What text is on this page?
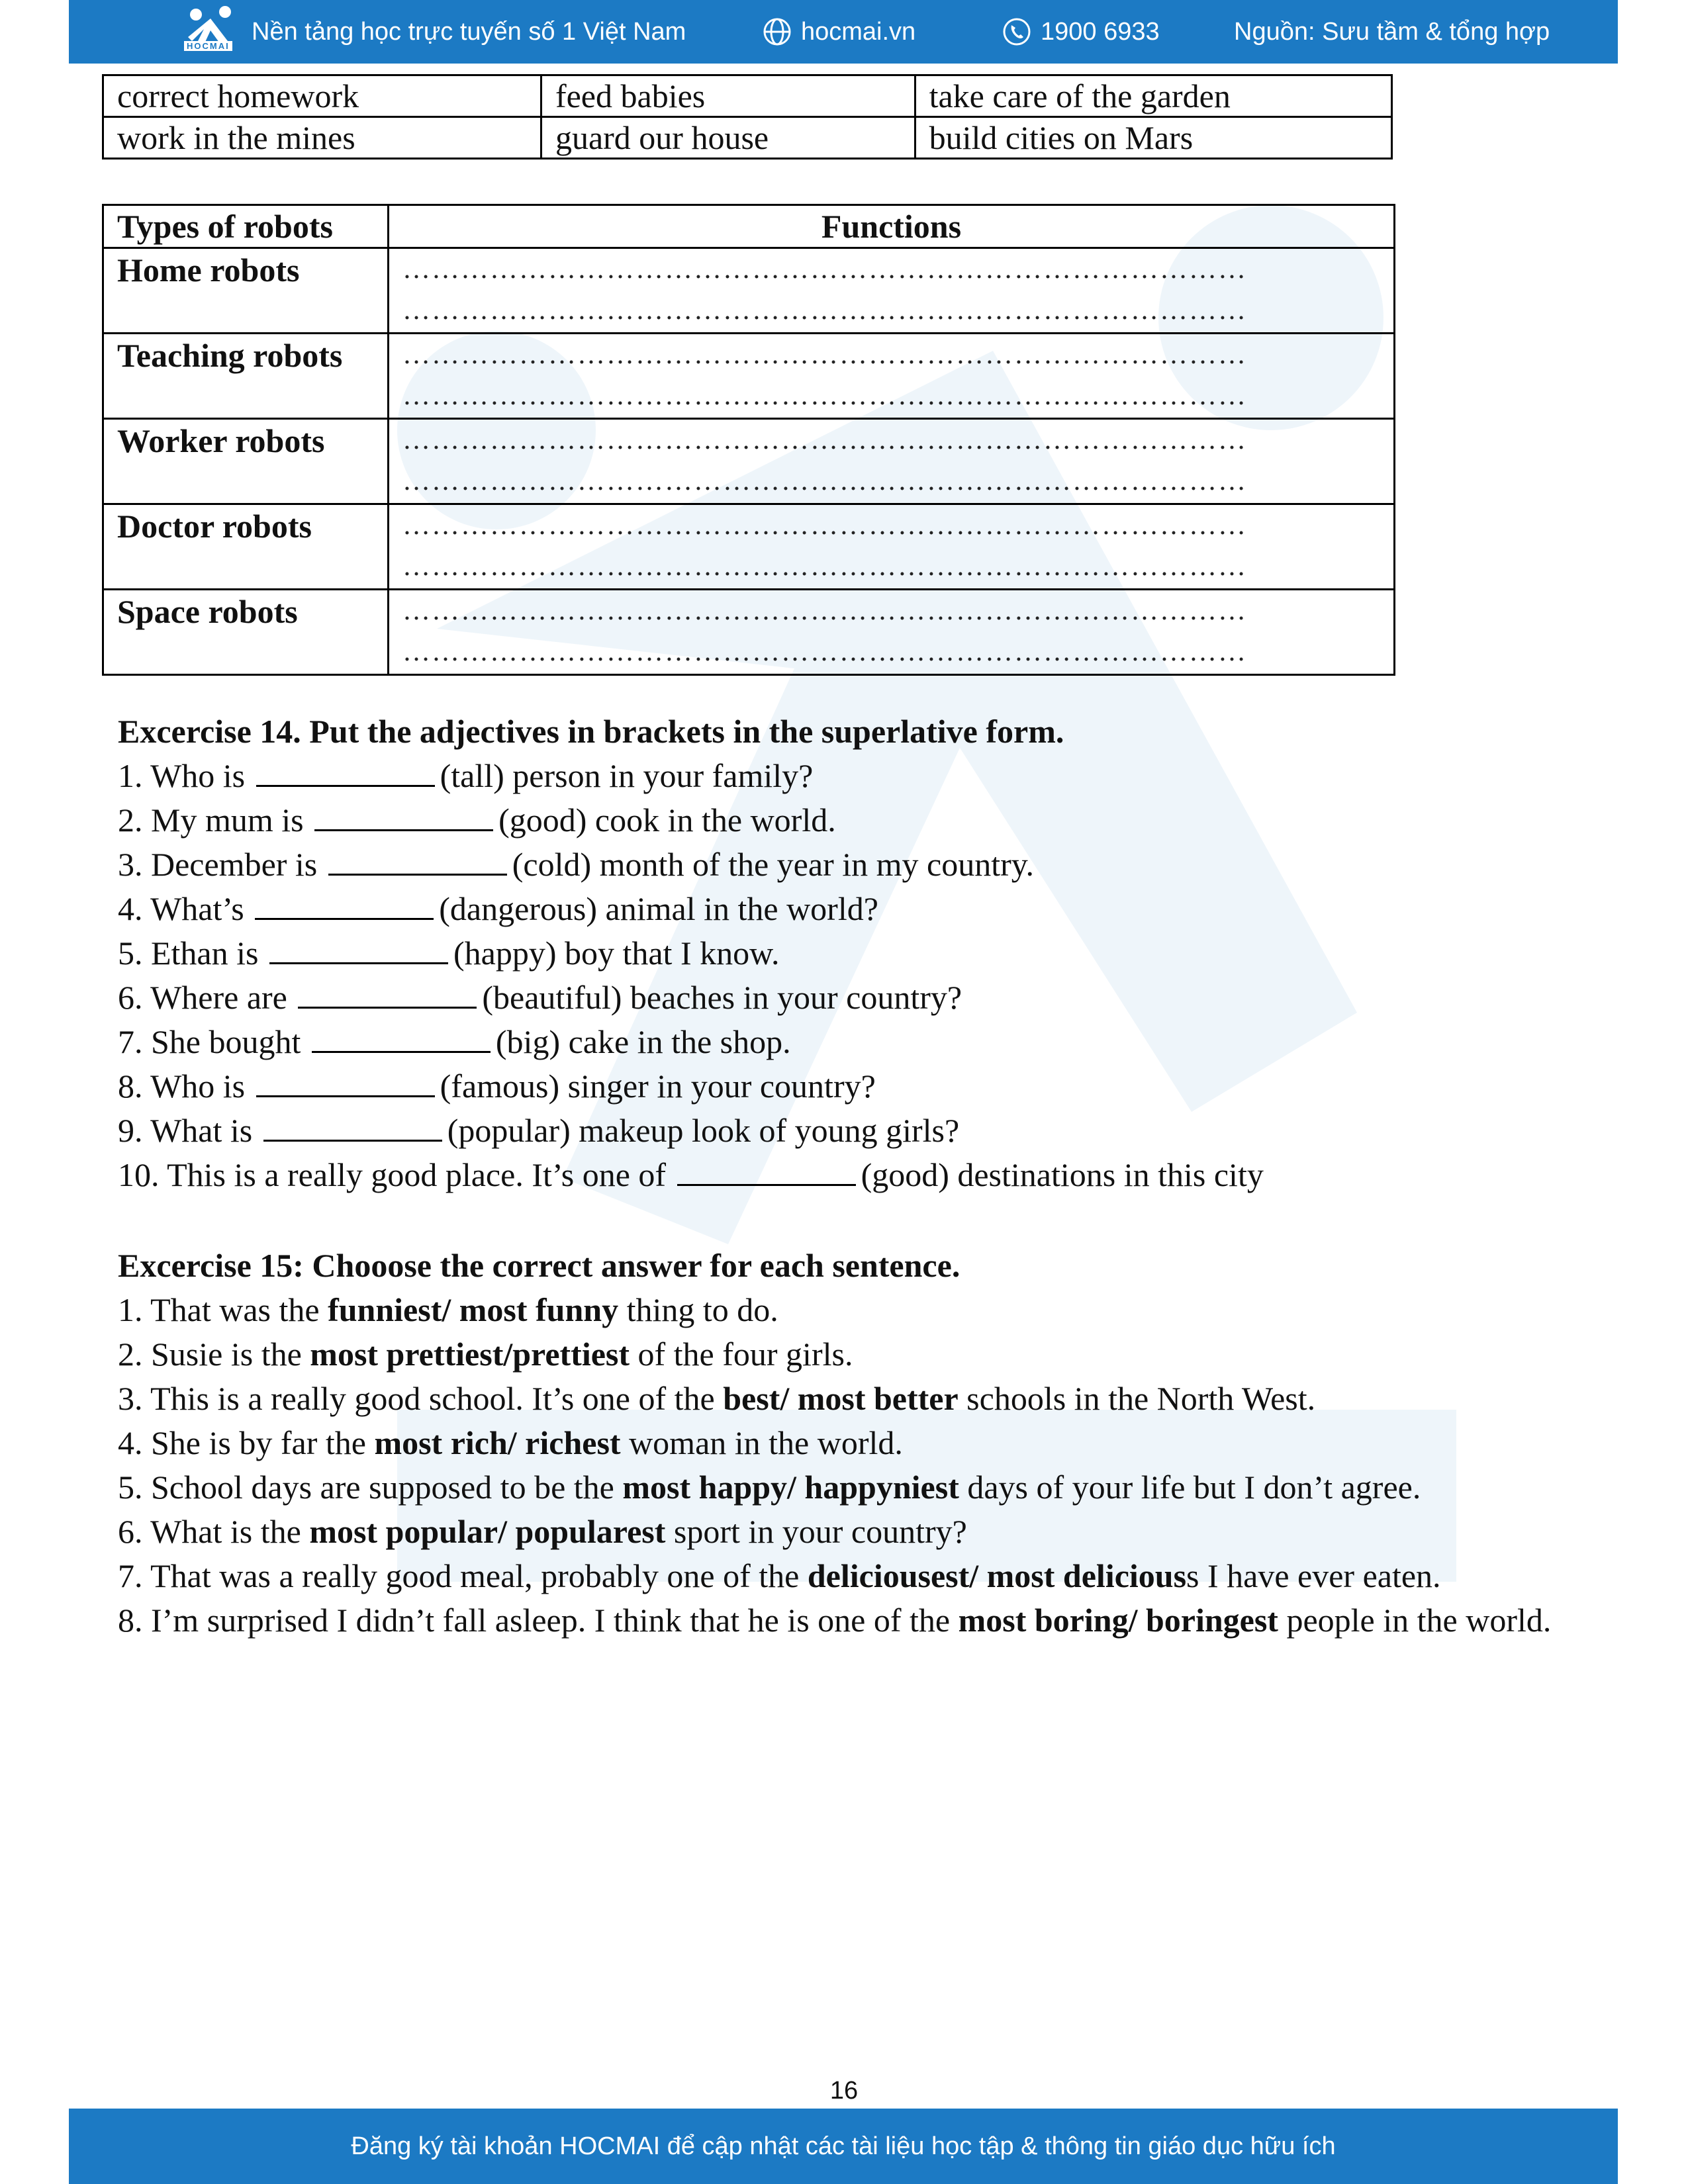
HOCMAI
Nền tảng học trực tuyến số 1 Việt Nam	hocmai.vn	1900 6933	Nguồn: Sưu tầm & tổng hợp
correct homework	feed babies	take care of the garden
work in the mines	guard our house	build cities on Mars
Types of robots	Functions
Home robots	……………………………………………………………………………
……………………………………………………………………………

Teaching robots	……………………………………………………………………………
……………………………………………………………………………

Worker robots	……………………………………………………………………………
……………………………………………………………………………

Doctor robots	……………………………………………………………………………
……………………………………………………………………………

Space robots	……………………………………………………………………………
……………………………………………………………………………

Excercise 14. Put the adjectives in brackets in the superlative form.

1. Who is	(tall) person in your family?

2. My mum is	(good) cook in the world.

3. December is	(cold) month of the year in my country.

4. What’s	(dangerous) animal in the world?

5. Ethan is	(happy) boy that I know.

6. Where are	(beautiful) beaches in your country?

7. She bought	(big) cake in the shop.

8. Who is	(famous) singer in your country?

9. What is	(popular) makeup look of young girls?

10. This is a really good place. It’s one of	(good) destinations in this city

Excercise 15: Chooose the correct answer for each sentence.

1. That was the funniest/ most funny thing to do.

2. Susie is the most prettiest/prettiest of the four girls.

3. This is a really good school. It’s one of the best/ most better schools in the North West.

4. She is by far the most rich/ richest woman in the world.

5. School days are supposed to be the most happy/ happyniest days of your life but I don’t agree.

6. What is the most popular/ popularest sport in your country?

7. That was a really good meal, probably one of the deliciousest/ most deliciouss I have ever eaten.

8. I’m surprised I didn’t fall asleep. I think that he is one of the most boring/ boringest people in the world.

16
Đăng ký tài khoản HOCMAI để cập nhật các tài liệu học tập & thông tin giáo dục hữu ích
